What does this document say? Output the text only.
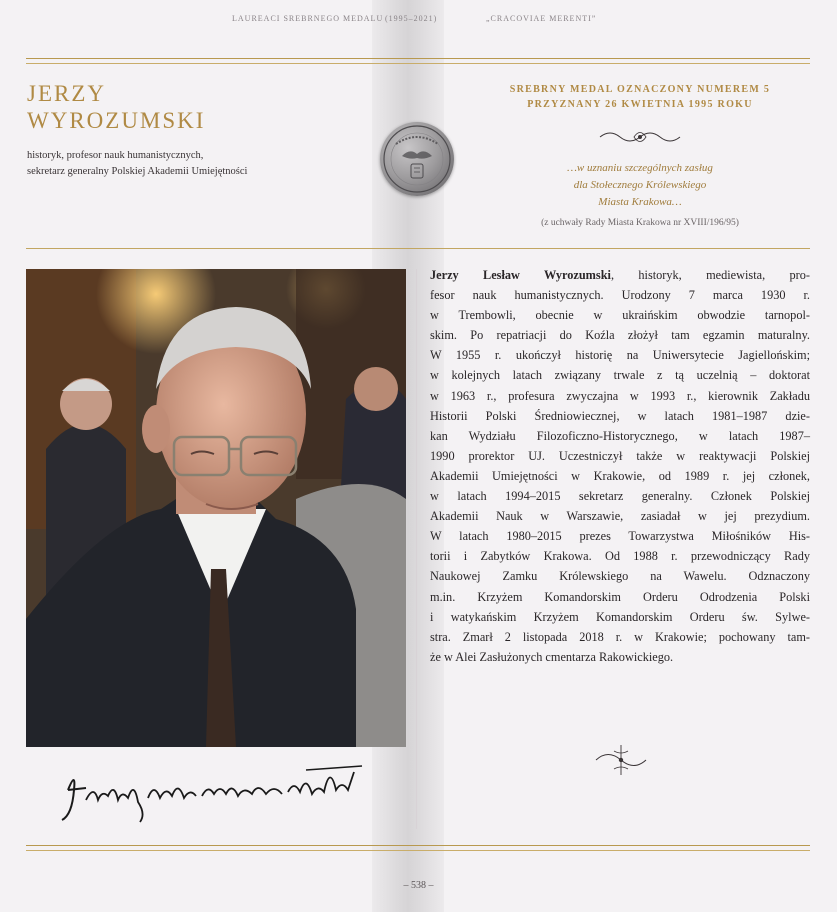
LAUREACI SREBRNEGO MEDALU (1995–2021)	„CRACOVIAE MERENTI”
JERZY
WYROZUMSKI
historyk, profesor nauk humanistycznych,
sekretarz generalny Polskiej Akademii Umiejętności
SREBRNY MEDAL OZNACZONY NUMEREM 5
PRZYZNANY 26 KWIETNIA 1995 ROKU
…w uznaniu szczególnych zasług
dla Stołecznego Królewskiego
Miasta Krakowa…
(z uchwały Rady Miasta Krakowa nr XVIII/196/95)
Jerzy Lesław Wyrozumski, historyk, mediewista, pro-
fesor nauk humanistycznych. Urodzony 7 marca 1930 r.
w Trembowli, obecnie w ukraińskim obwodzie tarnopol-
skim. Po repatriacji do Koźla złożył tam egzamin maturalny.
W 1955 r. ukończył historię na Uniwersytecie Jagiellońskim;
w kolejnych latach związany trwale z tą uczelnią – doktorat
w 1963 r., profesura zwyczajna w 1993 r., kierownik Zakładu
Historii Polski Średniowiecznej, w latach 1981–1987 dzie-
kan Wydziału Filozoficzno-Historycznego, w latach 1987–
1990 prorektor UJ. Uczestniczył także w reaktywacji Polskiej
Akademii Umiejętności w Krakowie, od 1989 r. jej członek,
w latach 1994–2015 sekretarz generalny. Członek Polskiej
Akademii Nauk w Warszawie, zasiadał w jej prezydium.
W latach 1980–2015 prezes Towarzystwa Miłośników His-
torii i Zabytków Krakowa. Od 1988 r. przewodniczący Rady
Naukowej Zamku Królewskiego na Wawelu. Odznaczony
m.in. Krzyżem Komandorskim Orderu Odrodzenia Polski
i watykańskim Krzyżem Komandorskim Orderu św. Sylwe-
stra. Zmarł 2 listopada 2018 r. w Krakowie; pochowany tam-
że w Alei Zasłużonych cmentarza Rakowickiego.
– 538 –
